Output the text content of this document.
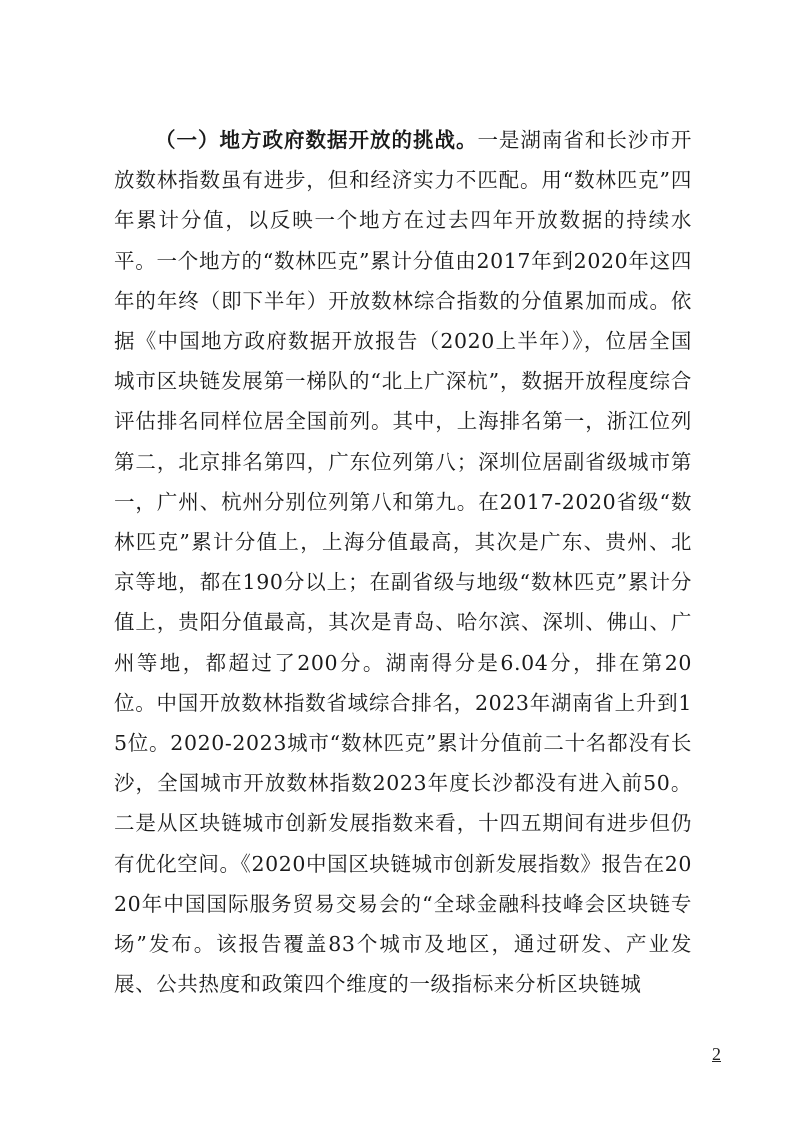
（一）地方政府数据开放的挑战。一是湖南省和长沙市开放数林指数虽有进步，但和经济实力不匹配。用“数林匹克”四年累计分值，以反映一个地方在过去四年开放数据的持续水平。一个地方的“数林匹克”累计分值由2017年到2020年这四年的年终（即下半年）开放数林综合指数的分值累加而成。依据《中国地方政府数据开放报告（2020上半年）》，位居全国城市区块链发展第一梯队的“北上广深杭”，数据开放程度综合评估排名同样位居全国前列。其中，上海排名第一，浙江位列第二，北京排名第四，广东位列第八；深圳位居副省级城市第一，广州、杭州分别位列第八和第九。在2017-2020省级“数林匹克”累计分值上，上海分值最高，其次是广东、贵州、北京等地，都在190分以上；在副省级与地级“数林匹克”累计分值上，贵阳分值最高，其次是青岛、哈尔滨、深圳、佛山、广州等地，都超过了200分。湖南得分是6.04分，排在第20位。中国开放数林指数省域综合排名，2023年湖南省上升到15位。2020-2023城市“数林匹克”累计分值前二十名都没有长沙，全国城市开放数林指数2023年度长沙都没有进入前50。二是从区块链城市创新发展指数来看，十四五期间有进步但仍有优化空间。《2020中国区块链城市创新发展指数》报告在2020年中国国际服务贸易交易会的“全球金融科技峰会区块链专场”发布。该报告覆盖83个城市及地区，通过研发、产业发展、公共热度和政策四个维度的一级指标来分析区块链城

2
